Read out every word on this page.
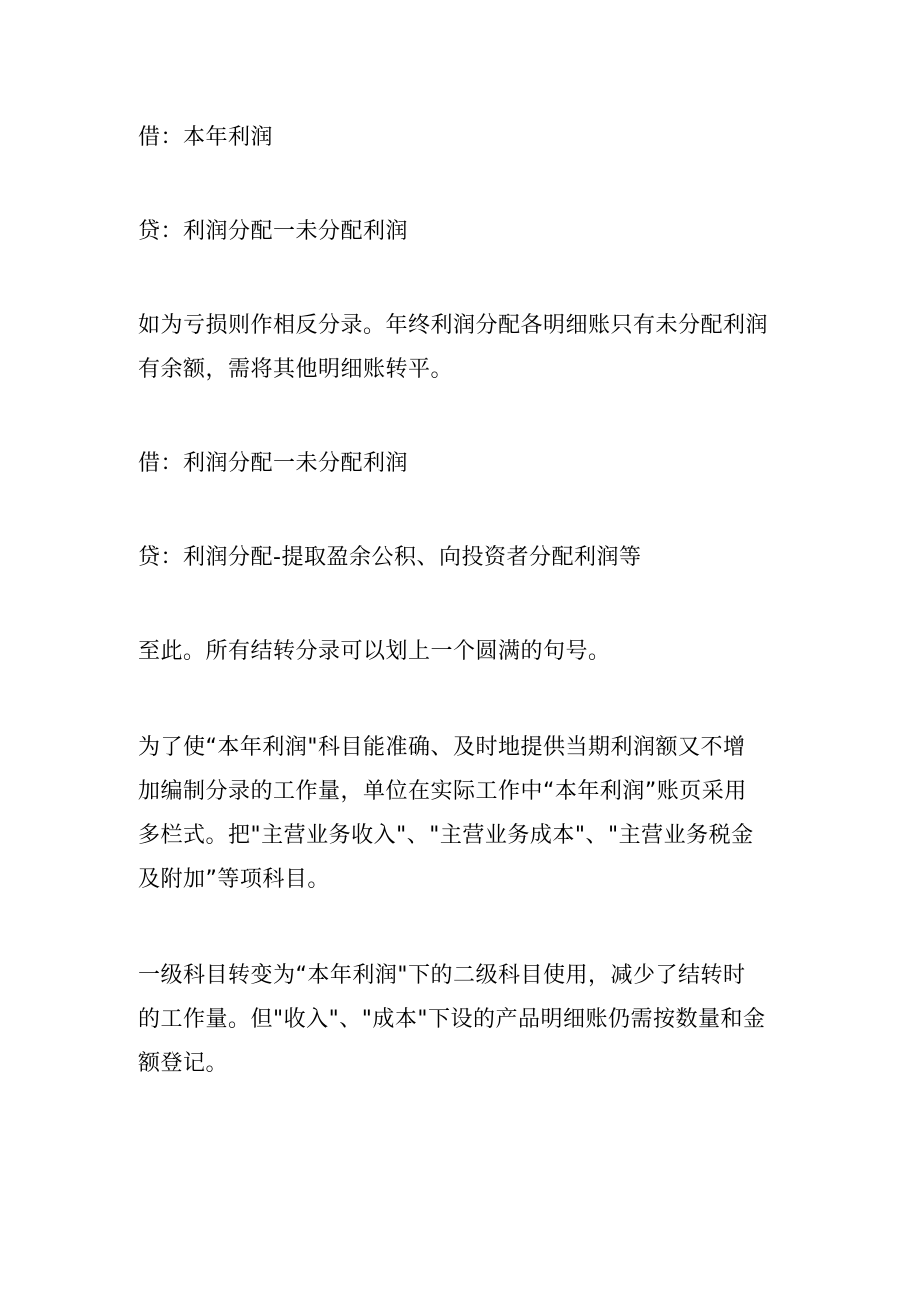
借：本年利润
贷：利润分配一未分配利润
如为亏损则作相反分录。年终利润分配各明细账只有未分配利润
有余额，需将其他明细账转平。
借：利润分配一未分配利润
贷：利润分配-提取盈余公积、向投资者分配利润等
至此。所有结转分录可以划上一个圆满的句号。
为了使“本年利润"科目能准确、及时地提供当期利润额又不增
加编制分录的工作量，单位在实际工作中“本年利润”账页采用
多栏式。把"主营业务收入"、"主营业务成本"、"主营业务税金
及附加”等项科目。
一级科目转变为“本年利润"下的二级科目使用，减少了结转时
的工作量。但"收入"、"成本"下设的产品明细账仍需按数量和金
额登记。
